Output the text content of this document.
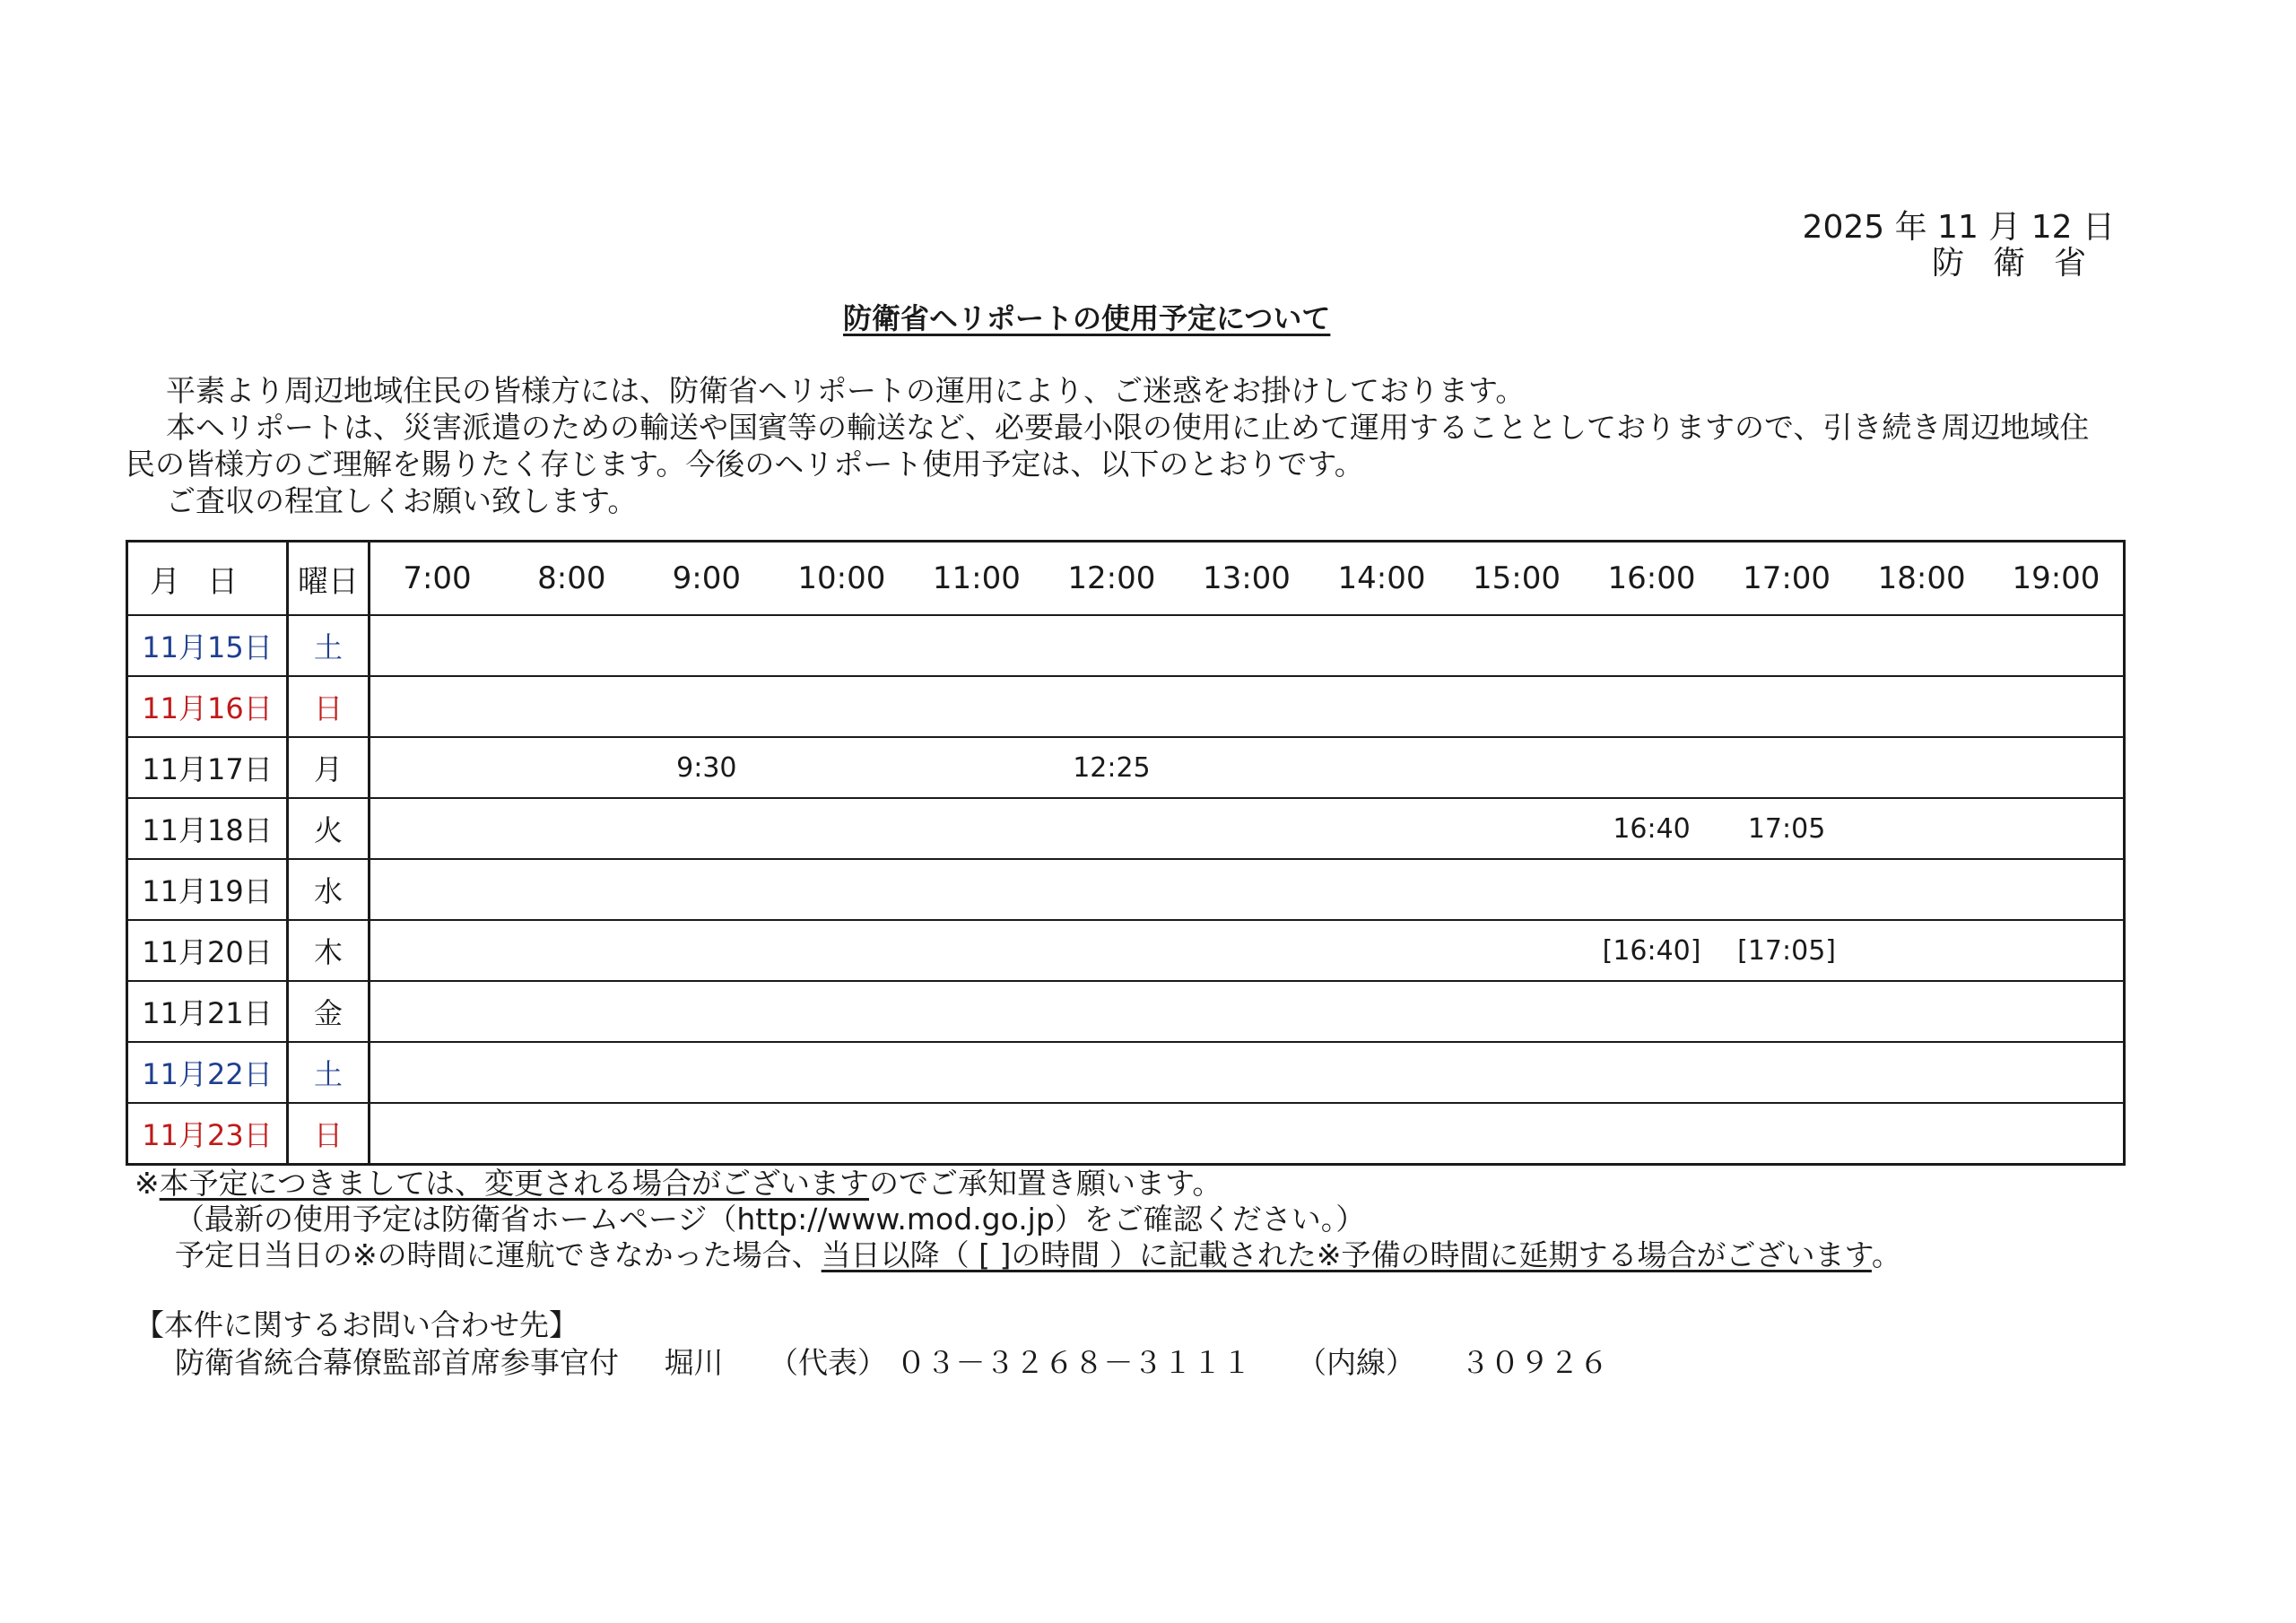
2025 年 11 月 12 日
防衛省
防衛省ヘリポートの使用予定について

平素より周辺地域住民の皆様方には、防衛省ヘリポートの運用により、ご迷惑をお掛けしております。

本ヘリポートは、災害派遣のための輸送や国賓等の輸送など、必要最小限の使用に止めて運用することとしておりますので、引き続き周辺地域住民の皆様方のご理解を賜りたく存じます。今後のヘリポート使用予定は、以下のとおりです。

ご査収の程宜しくお願い致します。

月日	曜日	7:00	8:00	9:00	10:00	11:00	12:00	13:00	14:00	15:00	16:00	17:00	18:00	19:00
11月15日	土													
11月16日	日													
11月17日	月			9:30			12:25							
11月18日	火										16:40	17:05		
11月19日	水													
11月20日	木										[16:40]	[17:05]		
11月21日	金													
11月22日	土													
11月23日	日													

※本予定につきましては、変更される場合がございますのでご承知置き願います。

（最新の使用予定は防衛省ホームページ（http://www.mod.go.jp）をご確認ください。）

予定日当日の※の時間に運航できなかった場合、当日以降（ [ ]の時間 ）に記載された※予備の時間に延期する場合がございます。

【本件に関するお問い合わせ先】

防衛省統合幕僚監部首席参事官付 堀川 （代表） ０３－３２６８－３１１１ （内線） ３０９２６
